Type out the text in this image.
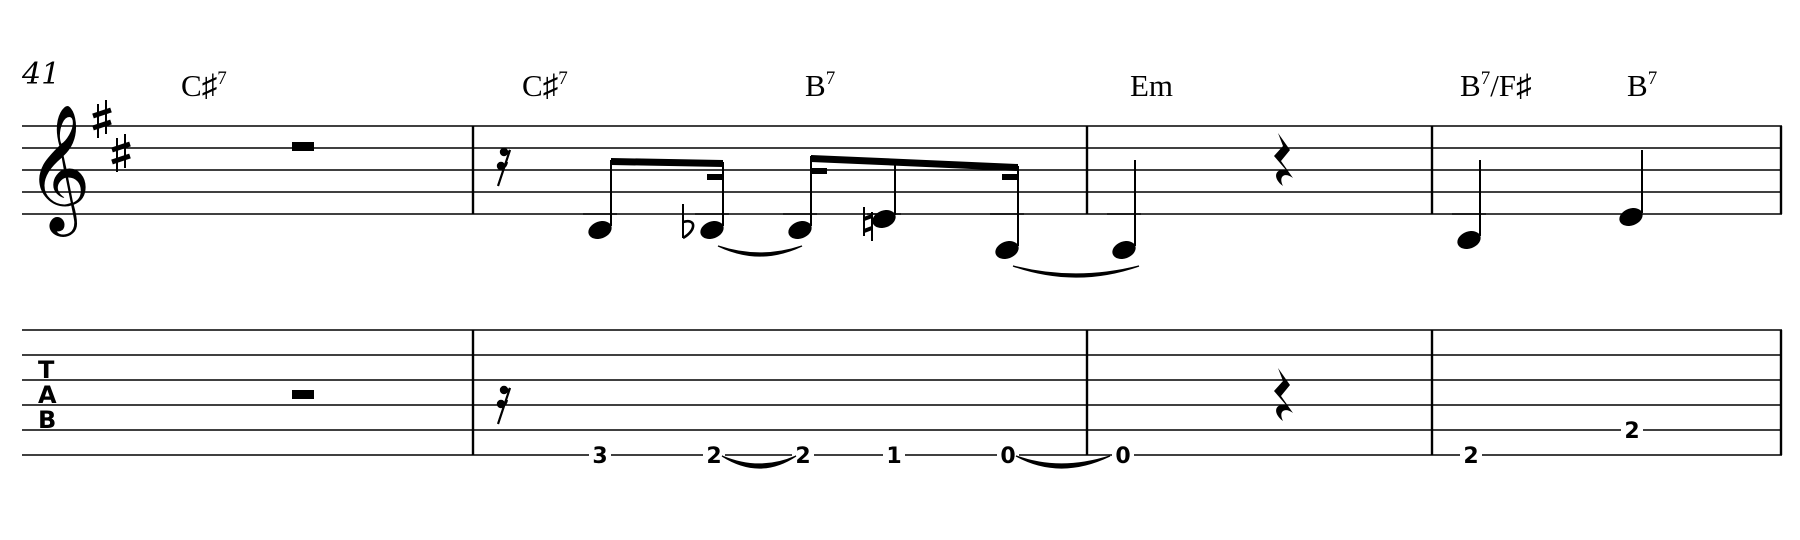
41
𝄞
C♯7	C♯7	B7	Em	B7/F♯	B7
T
A
B
3	2	2	1	0	0	2
2
